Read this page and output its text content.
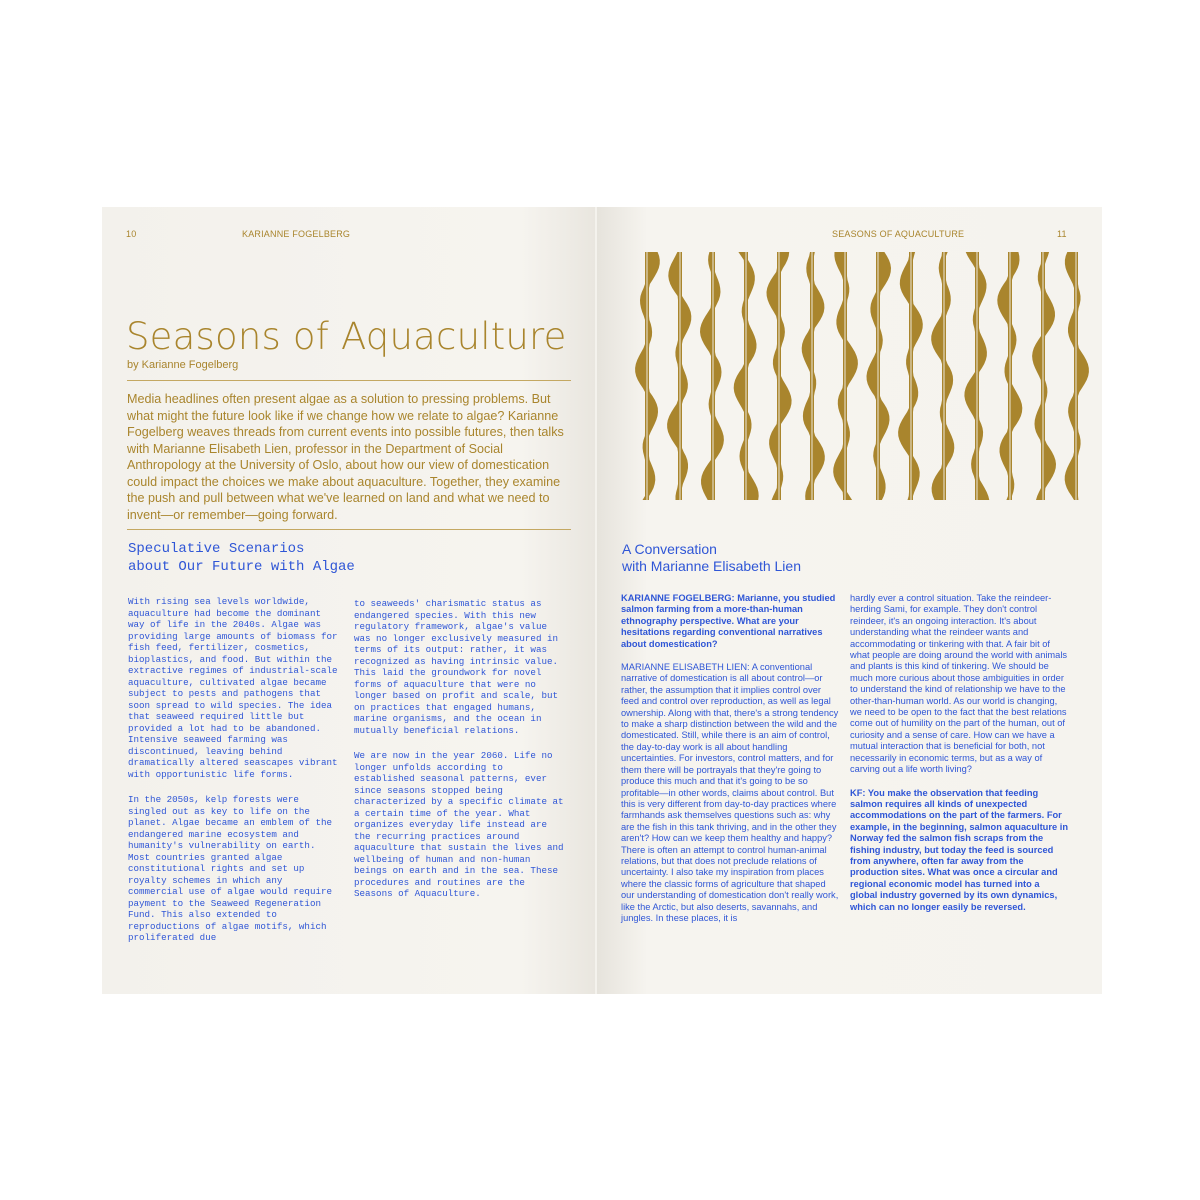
10	KARIANNE FOGELBERG
Seasons of Aquaculture
by Karianne Fogelberg
Media headlines often present algae as a solution to pressing problems. But what might the future look like if we change how we relate to algae? Karianne Fogelberg weaves threads from current events into possible futures, then talks with Marianne Elisabeth Lien, professor in the Department of Social Anthropology at the University of Oslo, about how our view of domestication could impact the choices we make about aquaculture. Together, they examine the push and pull between what we've learned on land and what we need to invent—or remember—going forward.
Speculative Scenarios
about Our Future with Algae

With rising sea levels worldwide, aquaculture had become the dominant way of life in the 2040s. Algae was providing large amounts of biomass for fish feed, fertilizer, cosmetics, bioplastics, and food. But within the extractive regimes of industrial-scale aquaculture, cultivated algae became subject to pests and pathogens that soon spread to wild species. The idea that seaweed required little but provided a lot had to be abandoned. Intensive seaweed farming was discontinued, leaving behind dramatically altered seascapes vibrant with opportunistic life forms.

In the 2050s, kelp forests were singled out as key to life on the planet. Algae became an emblem of the endangered marine ecosystem and humanity's vulnerability on earth. Most countries granted algae constitutional rights and set up royalty schemes in which any commercial use of algae would require payment to the Seaweed Regeneration Fund. This also extended to reproductions of algae motifs, which proliferated due

to seaweeds' charismatic status as endangered species. With this new regulatory framework, algae's value was no longer exclusively measured in terms of its output: rather, it was recognized as having intrinsic value. This laid the groundwork for novel forms of aquaculture that were no longer based on profit and scale, but on practices that engaged humans, marine organisms, and the ocean in mutually beneficial relations.

We are now in the year 2060. Life no longer unfolds according to established seasonal patterns, ever since seasons stopped being characterized by a specific climate at a certain time of the year. What organizes everyday life instead are the recurring practices around aquaculture that sustain the lives and wellbeing of human and non-human beings on earth and in the sea. These procedures and routines are the Seasons of Aquaculture.

SEASONS OF AQUACULTURE	11
A Conversation
with Marianne Elisabeth Lien

KARIANNE FOGELBERG: Marianne, you studied salmon farming from a more-than-human ethnography perspective. What are your hesitations regarding conventional narratives about domestication?

MARIANNE ELISABETH LIEN: A conventional narrative of domestication is all about control—or rather, the assumption that it implies control over feed and control over reproduction, as well as legal ownership. Along with that, there's a strong tendency to make a sharp distinction between the wild and the domesticated. Still, while there is an aim of control, the day-to-day work is all about handling uncertainties. For investors, control matters, and for them there will be portrayals that they're going to produce this much and that it's going to be so profitable—in other words, claims about control. But this is very different from day-to-day practices where farmhands ask themselves questions such as: why are the fish in this tank thriving, and in the other they aren't? How can we keep them healthy and happy? There is often an attempt to control human-animal relations, but that does not preclude relations of uncertainty. I also take my inspiration from places where the classic forms of agriculture that shaped our understanding of domestication don't really work, like the Arctic, but also deserts, savannahs, and jungles. In these places, it is

hardly ever a control situation. Take the reindeer-herding Sami, for example. They don't control reindeer, it's an ongoing interaction. It's about understanding what the reindeer wants and accommodating or tinkering with that. A fair bit of what people are doing around the world with animals and plants is this kind of tinkering. We should be much more curious about those ambiguities in order to understand the kind of relationship we have to the other-than-human world. As our world is changing, we need to be open to the fact that the best relations come out of humility on the part of the human, out of curiosity and a sense of care. How can we have a mutual interaction that is beneficial for both, not necessarily in economic terms, but as a way of carving out a life worth living?

KF: You make the observation that feeding salmon requires all kinds of unexpected accommodations on the part of the farmers. For example, in the beginning, salmon aquaculture in Norway fed the salmon fish scraps from the fishing industry, but today the feed is sourced from anywhere, often far away from the production sites. What was once a circular and regional economic model has turned into a global industry governed by its own dynamics, which can no longer easily be reversed.
